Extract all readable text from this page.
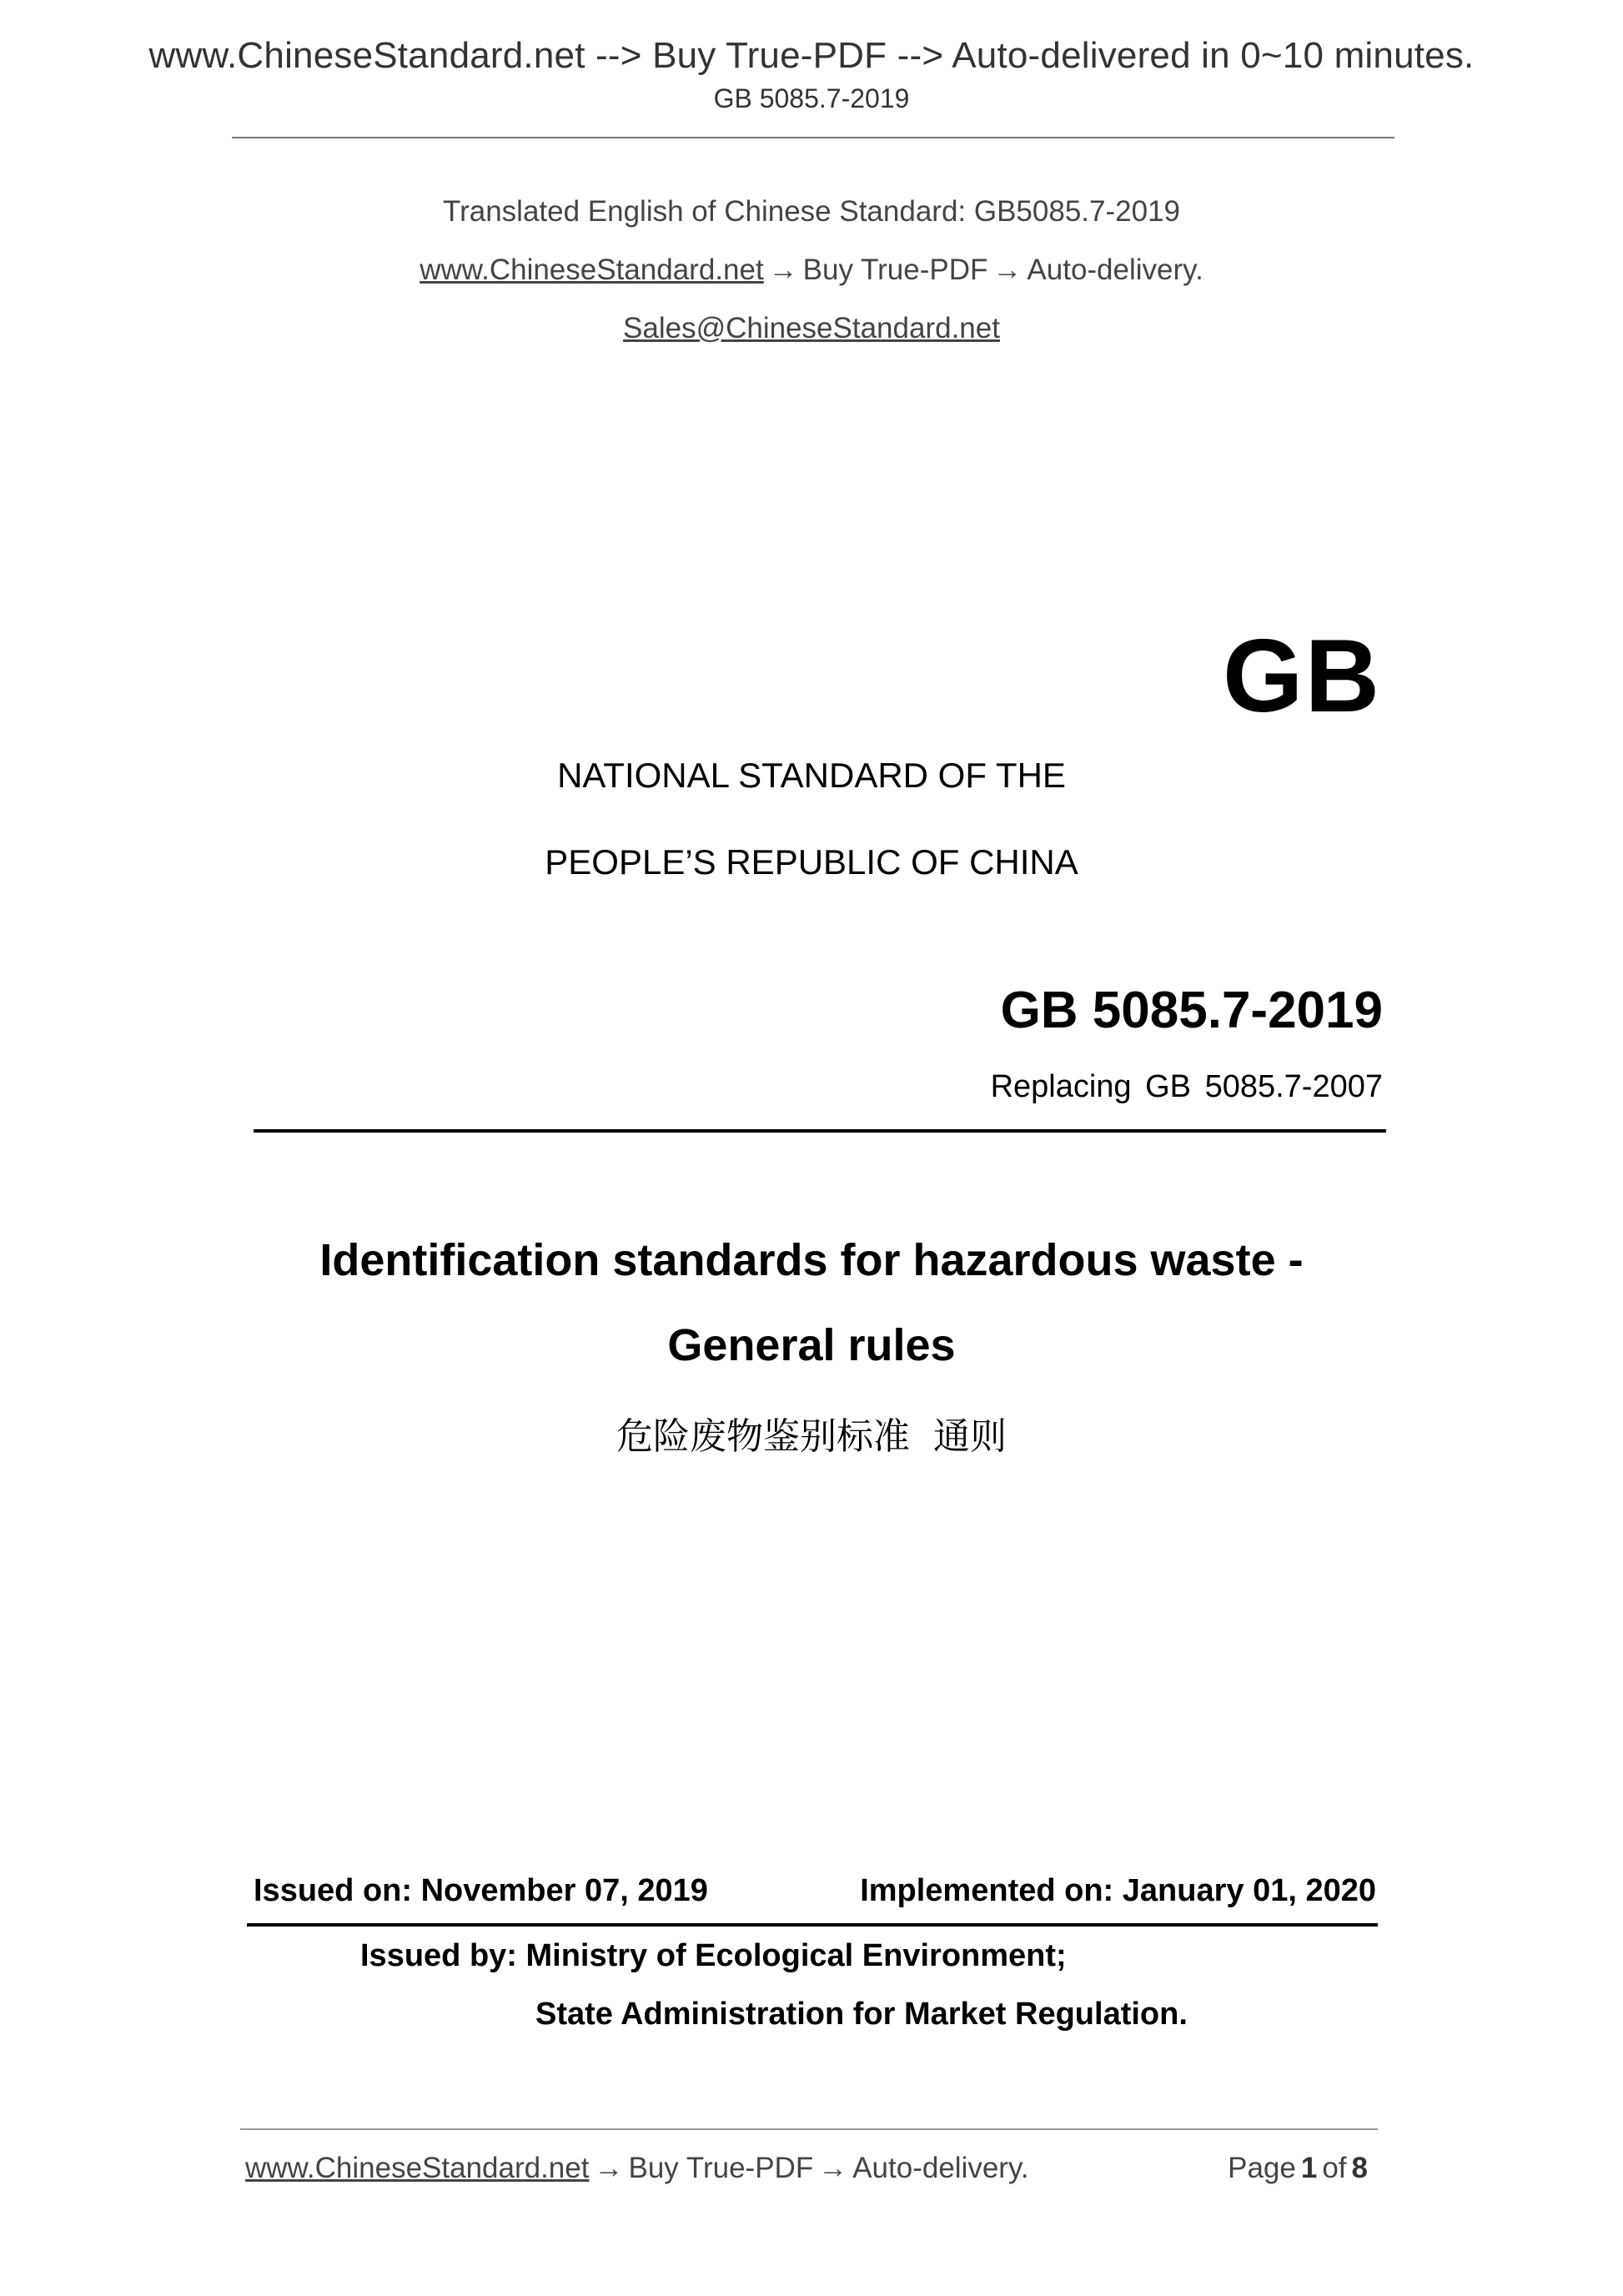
www.ChineseStandard.net --> Buy True-PDF --> Auto-delivered in 0~10 minutes.
GB 5085.7-2019
Translated English of Chinese Standard: GB5085.7-2019
www.ChineseStandard.net → Buy True-PDF → Auto-delivery.
Sales@ChineseStandard.net
GB
NATIONAL STANDARD OF THE
PEOPLE’S REPUBLIC OF CHINA
GB 5085.7-2019
Replacing GB 5085.7-2007
Identification standards for hazardous waste -
General rules
危险废物鉴别标准 通则
Issued on: November 07, 2019	Implemented on: January 01, 2020
Issued by: Ministry of Ecological Environment;
State Administration for Market Regulation.
www.ChineseStandard.net → Buy True-PDF → Auto-delivery.	Page 1 of 8
